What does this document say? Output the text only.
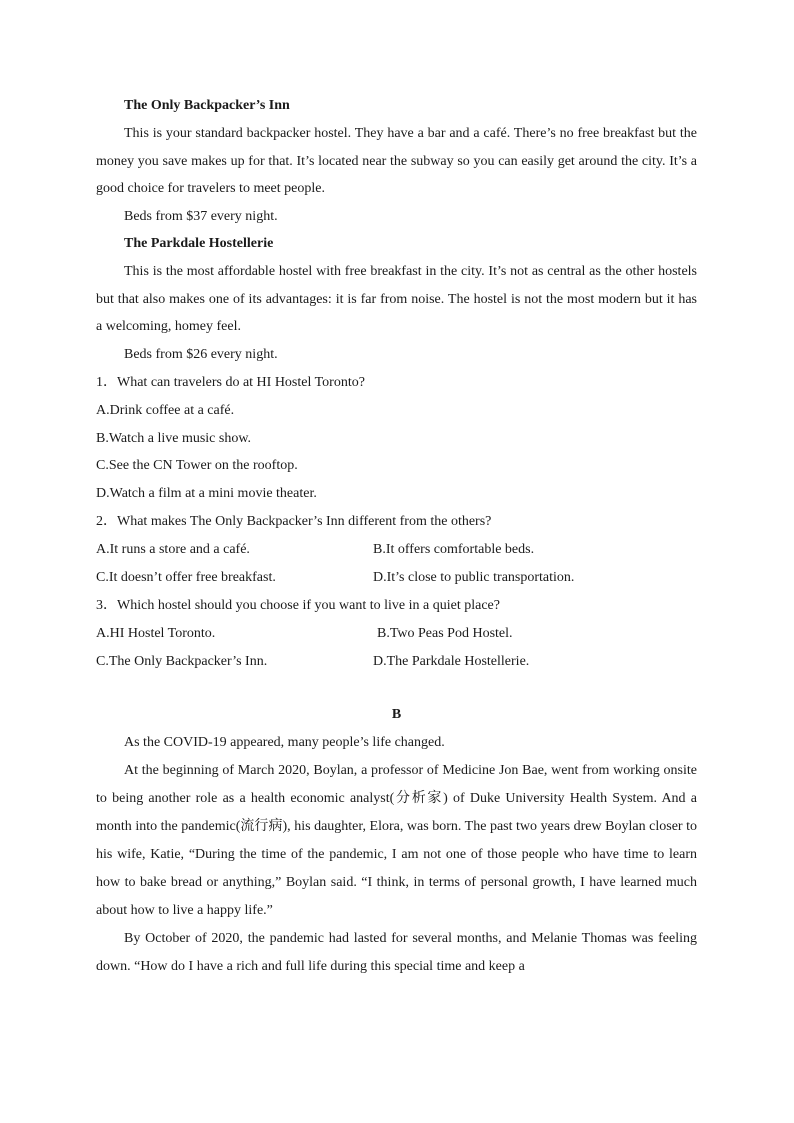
The Only Backpacker’s Inn

This is your standard backpacker hostel. They have a bar and a café. There’s no free breakfast but the money you save makes up for that. It’s located near the subway so you can easily get around the city. It’s a good choice for travelers to meet people.

Beds from $37 every night.

The Parkdale Hostellerie

This is the most affordable hostel with free breakfast in the city. It’s not as central as the other hostels but that also makes one of its advantages: it is far from noise. The hostel is not the most modern but it has a welcoming, homey feel.

Beds from $26 every night.

1．What can travelers do at HI Hostel Toronto?

A.Drink coffee at a café.

B.Watch a live music show.

C.See the CN Tower on the rooftop.

D.Watch a film at a mini movie theater.

2．What makes The Only Backpacker’s Inn different from the others?

A.It runs a store and a café.	B.It offers comfortable beds.
C.It doesn’t offer free breakfast.	D.It’s close to public transportation.

3．Which hostel should you choose if you want to live in a quiet place?

A.HI Hostel Toronto.	B.Two Peas Pod Hostel.
C.The Only Backpacker’s Inn.	D.The Parkdale Hostellerie.
B

As the COVID-19 appeared, many people’s life changed.

At the beginning of March 2020, Boylan, a professor of Medicine Jon Bae, went from working onsite to being another role as a health economic analyst(分析家) of Duke University Health System. And a month into the pandemic(流行病), his daughter, Elora, was born. The past two years drew Boylan closer to his wife, Katie, “During the time of the pandemic, I am not one of those people who have time to learn how to bake bread or anything,” Boylan said. “I think, in terms of personal growth, I have learned much about how to live a happy life.”

By October of 2020, the pandemic had lasted for several months, and Melanie Thomas was feeling down. “How do I have a rich and full life during this special time and keep a
